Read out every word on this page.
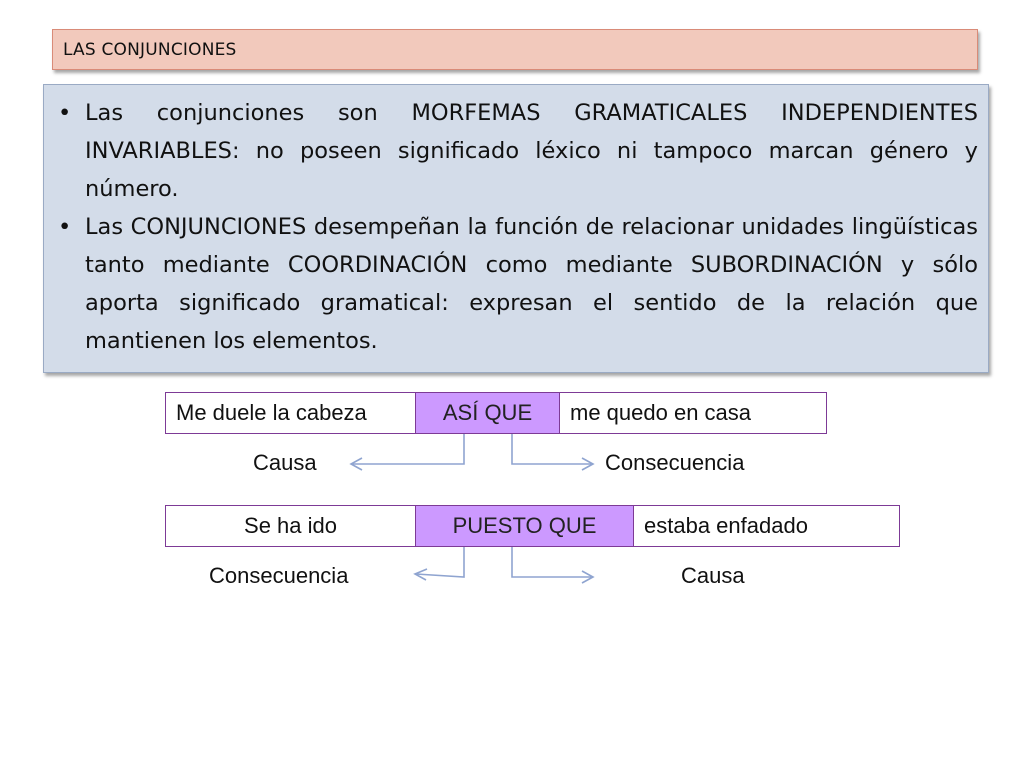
LAS CONJUNCIONES
• Las conjunciones son MORFEMAS GRAMATICALES INDEPENDIENTES INVARIABLES: no poseen significado léxico ni tampoco marcan género y número.
• Las CONJUNCIONES desempeñan la función de relacionar unidades lingüísticas tanto mediante COORDINACIÓN como mediante SUBORDINACIÓN y sólo aporta significado gramatical: expresan el sentido de la relación que mantienen los elementos.
Me duele la cabeza	ASÍ QUE	me quedo en casa
Causa	Consecuencia
Se ha ido	PUESTO QUE	estaba enfadado
Consecuencia	Causa
